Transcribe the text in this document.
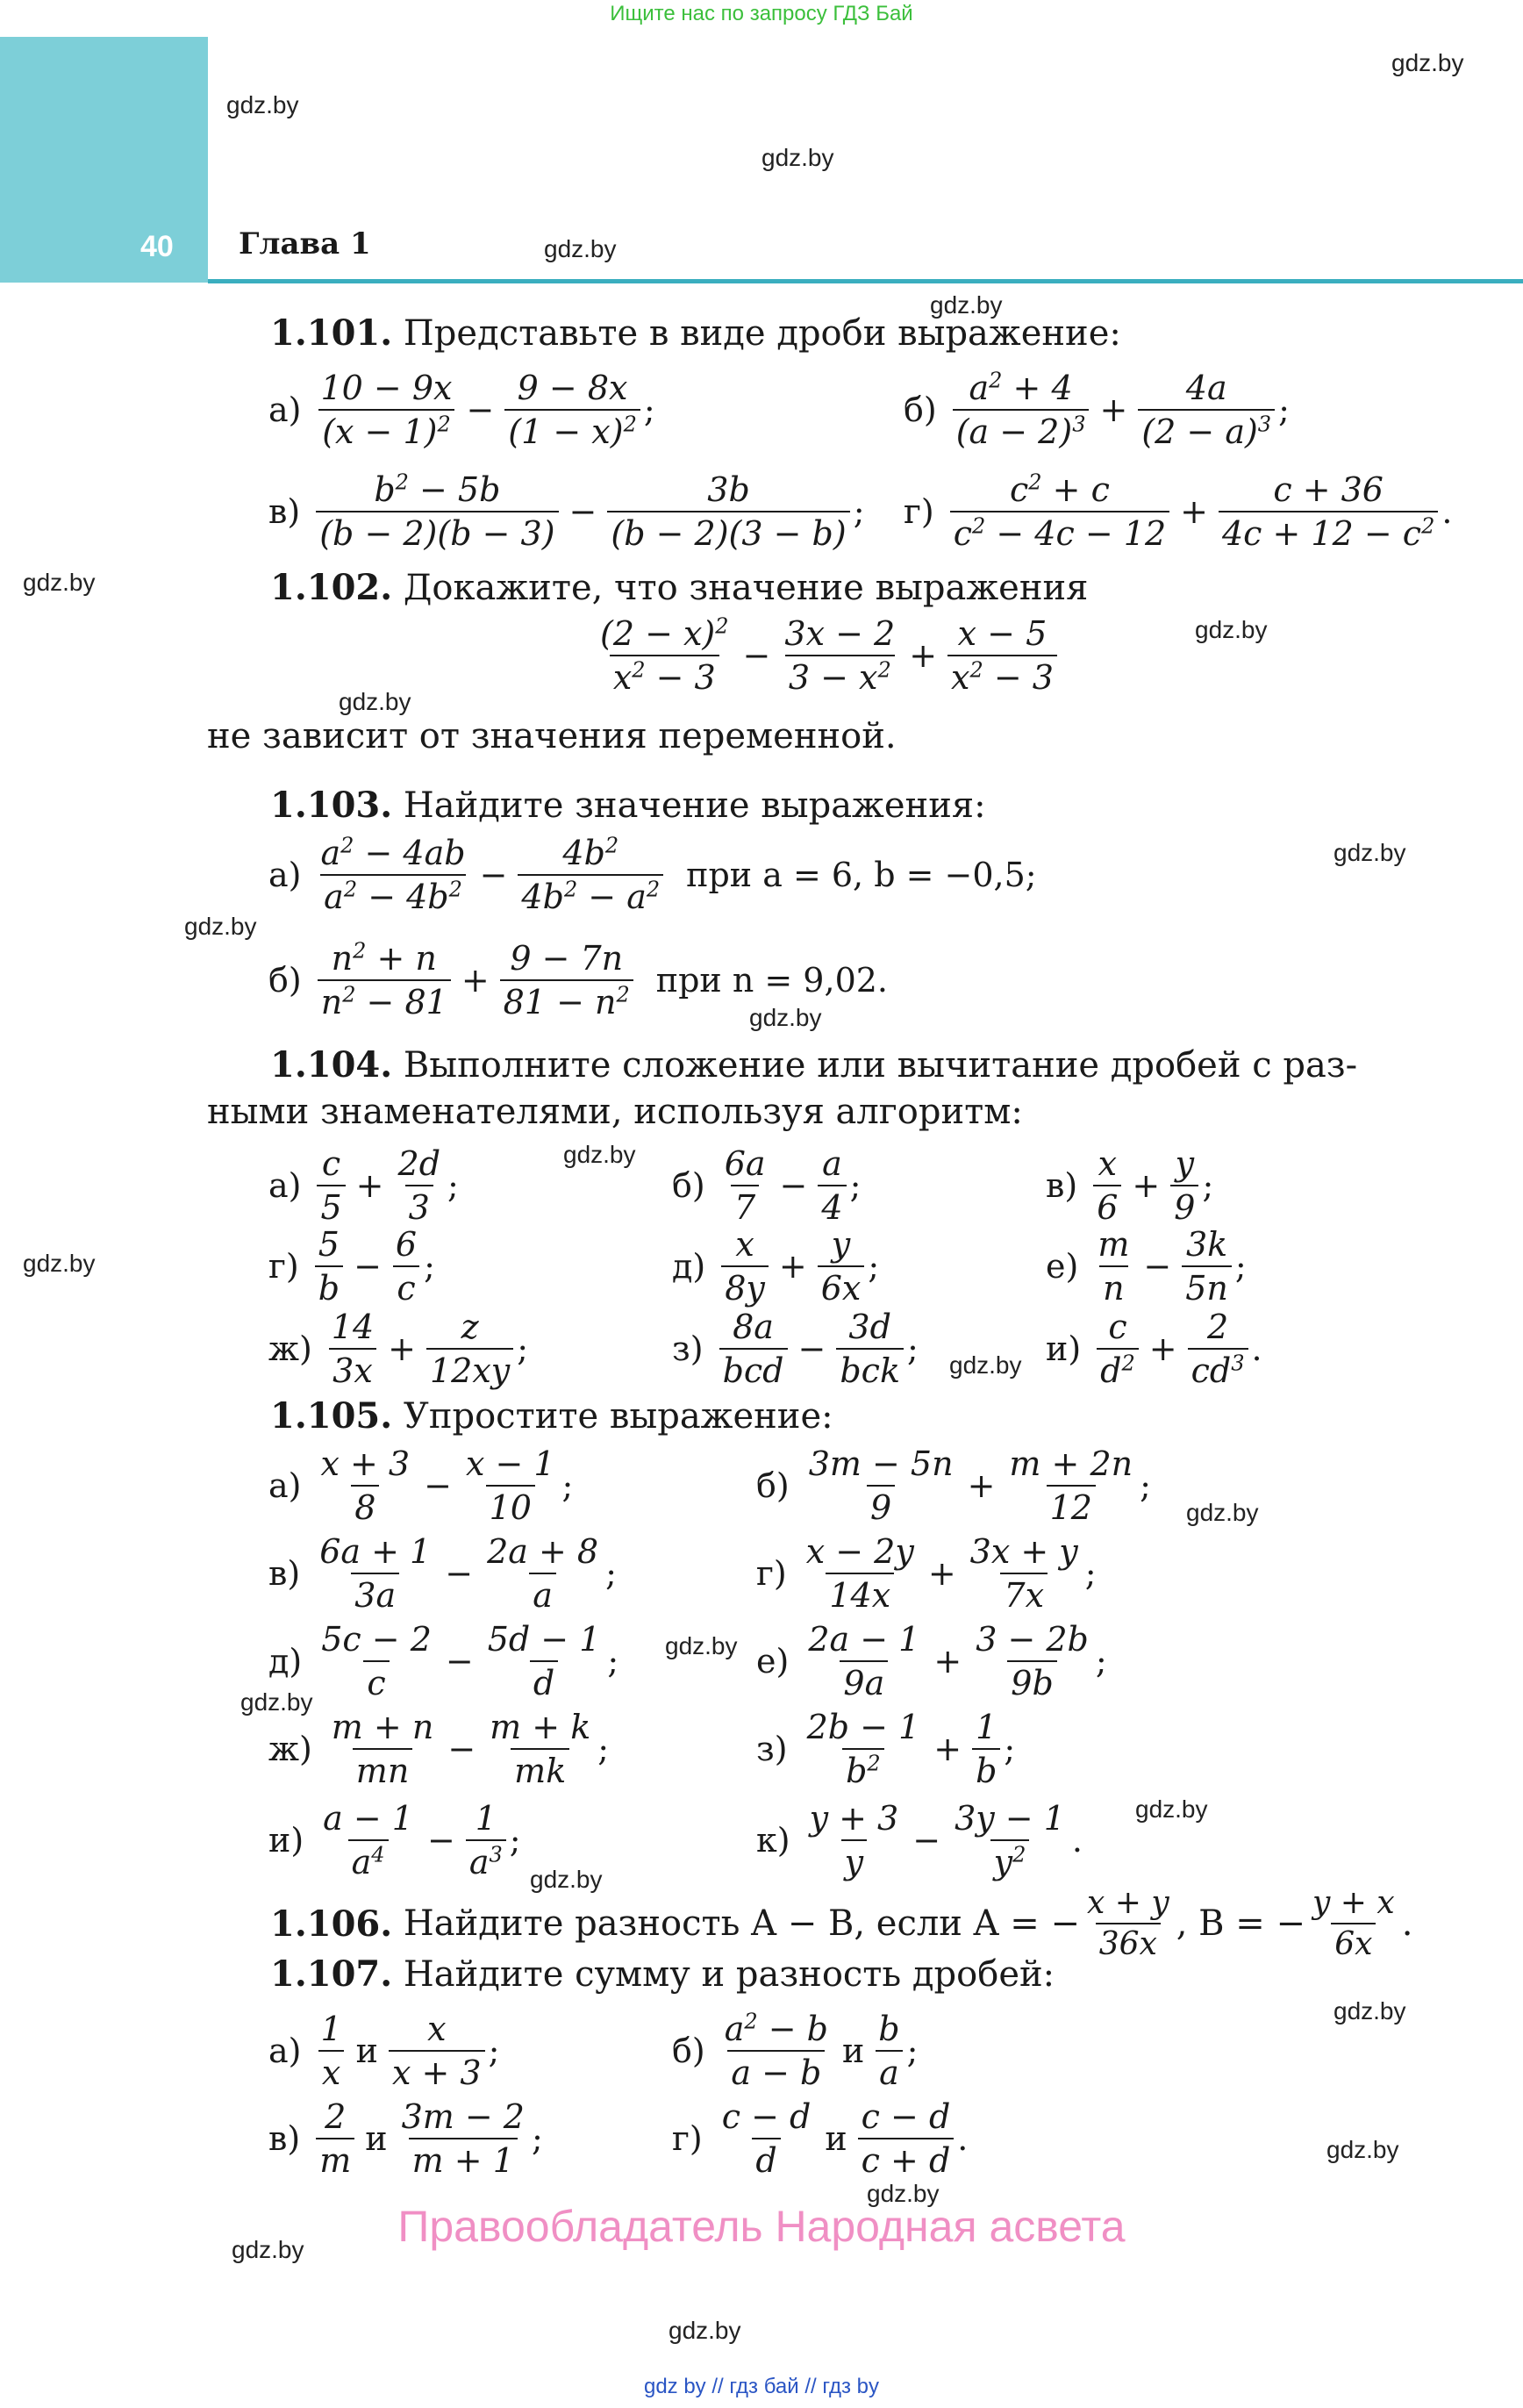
Ищите нас по запросу ГДЗ Бай
40 Глава 1
gdz.by
gdz.by
gdz.by
gdz.by
gdz.by
gdz.by
gdz.by
gdz.by
gdz.by
gdz.by
gdz.by
gdz.by
gdz.by
gdz.by
gdz.by
gdz.by
gdz.by
gdz.by
gdz.by
gdz.by
gdz.by
gdz.by
gdz.by
gdz.by
1.101. Представьте в виде дроби выражение:
$а) \frac{10 - 9x}{(x - 1)^2} - \frac{9 - 8x}{(1 - x)^2}$ ;	$б) \frac{a^2 + 4}{(a - 2)^3} + \frac{4a}{(2 - a)^3}$ ;
$в) \frac{b^2 - 5b}{(b - 2)(b - 3)} - \frac{3b}{(b - 2)(3 - b)}$ ; $г) \frac{c^2 + c}{c^2 - 4c - 12} + \frac{c + 36}{4c + 12 - c^2}$ .
1.102. Докажите, что значение выражения
$\frac{(2 - x)^2}{x^2 - 3} - \frac{3x - 2}{3 - x^2} + \frac{x - 5}{x^2 - 3}$
не зависит от значения переменной.
1.103. Найдите значение выражения:
$а) \frac{a^2 - 4ab}{a^2 - 4b^2} - \frac{4b^2}{4b^2 - a^2}$ при a = 6, b = −0,5;
$б) \frac{n^2 + n}{n^2 - 81} + \frac{9 - 7n}{81 - n^2}$ при n = 9,02.
1.104. Выполните сложение или вычитание дробей с раз-
ными знаменателями, используя алгоритм:
$а) \frac{c}{5} + \frac{2d}{3}$ ;	$б) \frac{6a}{7} - \frac{a}{4}$ ;	$в) \frac{x}{6} + \frac{y}{9}$ ;
$г) \frac{5}{b} - \frac{6}{c}$ ;	$д) \frac{x}{8y} + \frac{y}{6x}$ ;	$е) \frac{m}{n} - \frac{3k}{5n}$ ;
$ж) \frac{14}{3x} + \frac{z}{12xy}$ ;	$з) \frac{8a}{\text{bcd}} - \frac{3d}{\text{bck}}$ ;	$и) \frac{c}{d^2} + \frac{2}{cd^3}$ .
1.105. Упростите выражение:
$а) \frac{x + 3}{8} - \frac{x - 1}{10}$ ;	$б) \frac{3m - 5n}{9} + \frac{m + 2n}{12}$ ;
$в) \frac{6a + 1}{3a} - \frac{2a + 8}{a}$ ;	$г) \frac{x - 2y}{14x} + \frac{3x + y}{7x}$ ;
$д) \frac{5c - 2}{c} - \frac{5d - 1}{d}$ ;	$е) \frac{2a - 1}{9a} + \frac{3 - 2b}{9b}$ ;
$ж) \frac{m + n}{mn} - \frac{m + k}{mk}$ ;	$з) \frac{2b - 1}{b^2} + \frac{1}{b}$ ;
$и) \frac{a - 1}{a^4} - \frac{1}{a^3}$ ;	$к) \frac{y + 3}{y} - \frac{3y - 1}{y^2}$ .
1.106.
Найдите разность A − B, если A = − $\frac{x + y}{36x}$ , B = − $\frac{y + x}{6x}$ .
1.107. Найдите сумму и разность дробей:
$а) \frac{1}{x}$ и $\frac{x}{x + 3}$ ;	$б) \frac{a^2 - b}{a - b}$ и $\frac{b}{a}$ ;
$в) \frac{2}{m}$ и $\frac{3m - 2}{m + 1}$ ;	$г) \frac{c - d}{d}$ и $\frac{c - d}{c + d}$ .
Правообладатель Народная асвета
gdz by // гдз бай // гдз by
